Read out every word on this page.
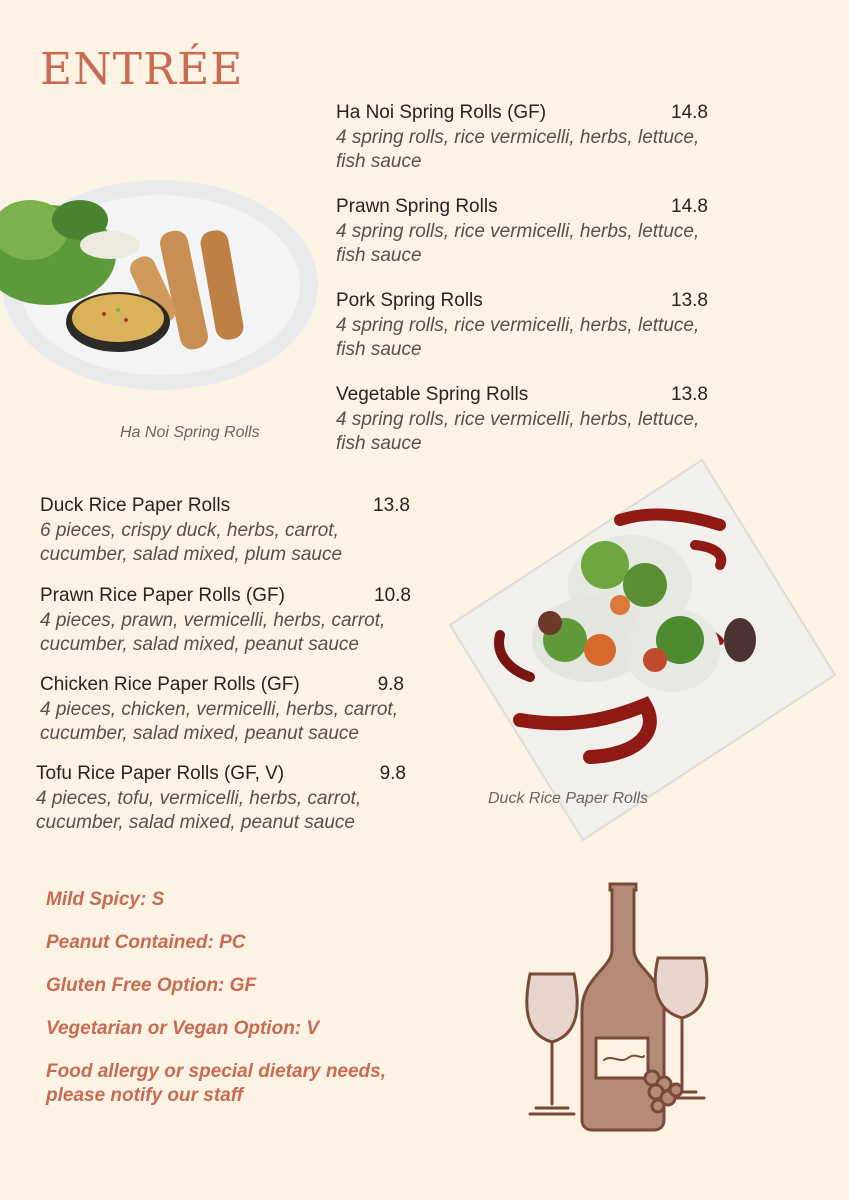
ENTRÉE
Ha Noi Spring Rolls
Ha Noi Spring Rolls (GF)	14.8
4 spring rolls, rice vermicelli, herbs, lettuce, fish sauce
Prawn Spring Rolls	14.8
4 spring rolls, rice vermicelli, herbs, lettuce, fish sauce
Pork Spring Rolls	13.8
4 spring rolls, rice vermicelli, herbs, lettuce, fish sauce
Vegetable Spring Rolls	13.8
4 spring rolls, rice vermicelli, herbs, lettuce, fish sauce
Duck Rice Paper Rolls
Duck Rice Paper Rolls	13.8
6 pieces, crispy duck, herbs, carrot, cucumber, salad mixed, plum sauce
Prawn Rice Paper Rolls (GF)	10.8
4 pieces, prawn, vermicelli, herbs, carrot, cucumber, salad mixed, peanut sauce
Chicken Rice Paper Rolls (GF)	9.8
4 pieces, chicken, vermicelli, herbs, carrot, cucumber, salad mixed, peanut sauce
Tofu Rice Paper Rolls (GF, V)	9.8
4 pieces, tofu, vermicelli, herbs, carrot, cucumber, salad mixed, peanut sauce
Mild Spicy: S
Peanut Contained: PC
Gluten Free Option: GF
Vegetarian or Vegan Option: V
Food allergy or special dietary needs, please notify our staff
